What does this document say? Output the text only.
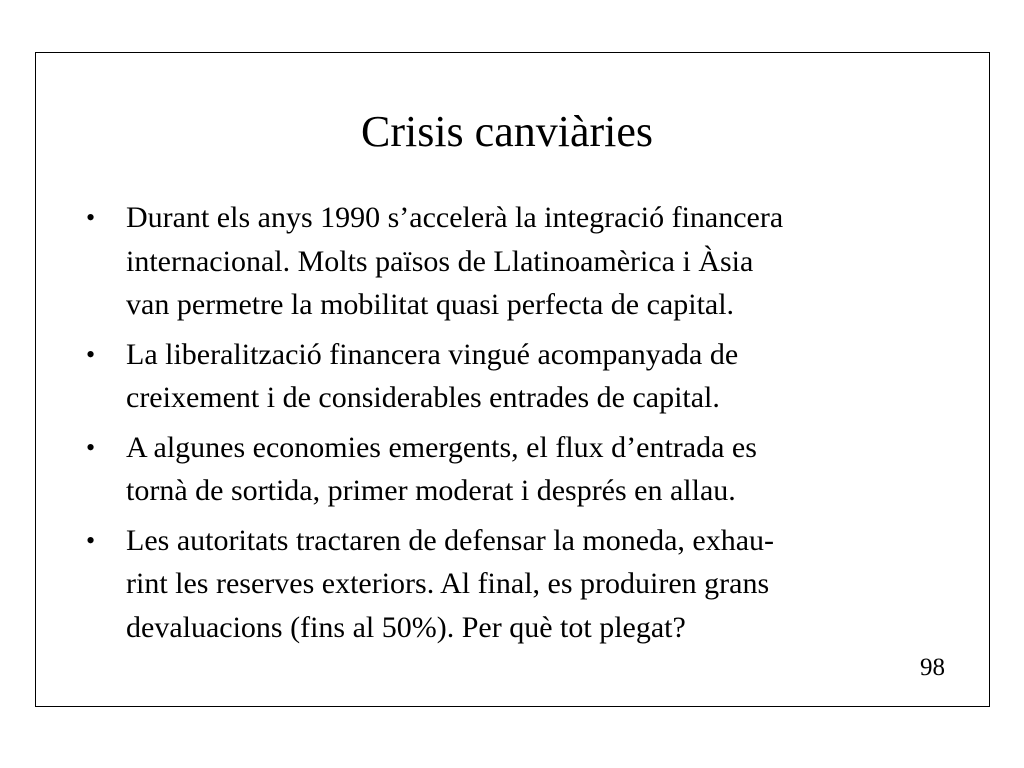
Crisis canviàries
• Durant els anys 1990 s’accelerà la integració financera
internacional. Molts països de Llatinoamèrica i Àsia
van permetre la mobilitat quasi perfecta de capital.
• La liberalització financera vingué acompanyada de
creixement i de considerables entrades de capital.
• A algunes economies emergents, el flux d’entrada es
tornà de sortida, primer moderat i després en allau.
• Les autoritats tractaren de defensar la moneda, exhau-
rint les reserves exteriors. Al final, es produiren grans
devaluacions (fins al 50%). Per què tot plegat?
98
